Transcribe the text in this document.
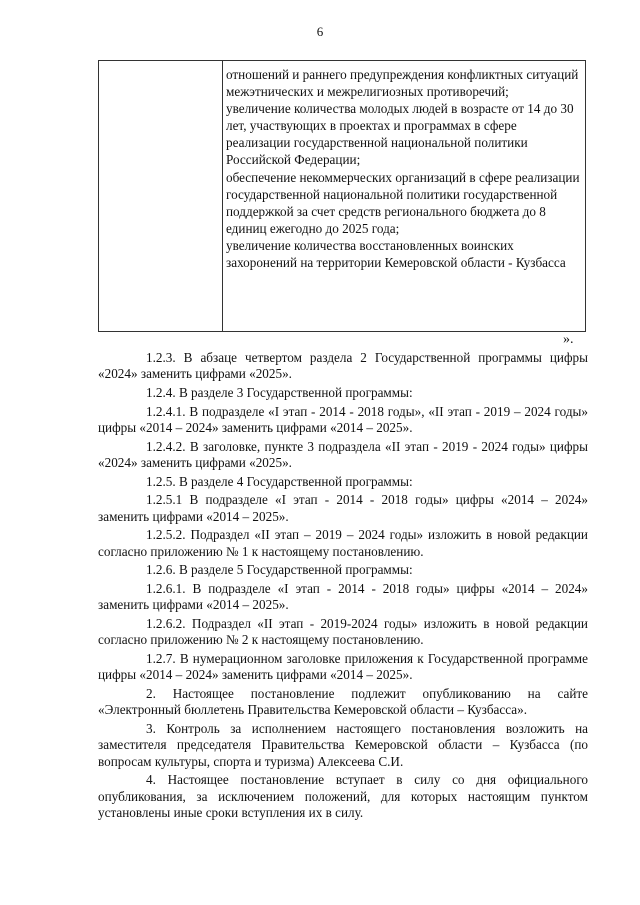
6
отношений и раннего предупреждения конфликтных ситуаций межэтнических и межрелигиозных противоречий;
увеличение количества молодых людей в возрасте от 14 до 30 лет, участвующих в проектах и программах в сфере реализации государственной национальной политики Российской Федерации;
обеспечение некоммерческих организаций в сфере реализации государственной национальной политики государственной поддержкой за счет средств регионального бюджета до 8 единиц ежегодно до 2025 года;
увеличение количества восстановленных воинских захоронений на территории Кемеровской области - Кузбасса
».

1.2.3. В абзаце четвертом раздела 2 Государственной программы цифры «2024» заменить цифрами «2025».

1.2.4. В разделе 3 Государственной программы:

1.2.4.1. В подразделе «I этап - 2014 - 2018 годы», «II этап - 2019 – 2024 годы» цифры «2014 – 2024» заменить цифрами «2014 – 2025».

1.2.4.2. В заголовке, пункте 3 подраздела «II этап - 2019 - 2024 годы» цифры «2024» заменить цифрами «2025».

1.2.5. В разделе 4 Государственной программы:

1.2.5.1 В подразделе «I этап - 2014 - 2018 годы» цифры «2014 – 2024» заменить цифрами «2014 – 2025».

1.2.5.2. Подраздел «II этап – 2019 – 2024 годы» изложить в новой редакции согласно приложению № 1 к настоящему постановлению.

1.2.6. В разделе 5 Государственной программы:

1.2.6.1. В подразделе «I этап - 2014 - 2018 годы» цифры «2014 – 2024» заменить цифрами «2014 – 2025».

1.2.6.2. Подраздел «II этап - 2019-2024 годы» изложить в новой редакции согласно приложению № 2 к настоящему постановлению.

1.2.7. В нумерационном заголовке приложения к Государственной программе цифры «2014 – 2024» заменить цифрами «2014 – 2025».

2. Настоящее постановление подлежит опубликованию на сайте «Электронный бюллетень Правительства Кемеровской области – Кузбасса».

3. Контроль за исполнением настоящего постановления возложить на заместителя председателя Правительства Кемеровской области – Кузбасса (по вопросам культуры, спорта и туризма) Алексеева С.И.

4. Настоящее постановление вступает в силу со дня официального опубликования, за исключением положений, для которых настоящим пунктом установлены иные сроки вступления их в силу.
